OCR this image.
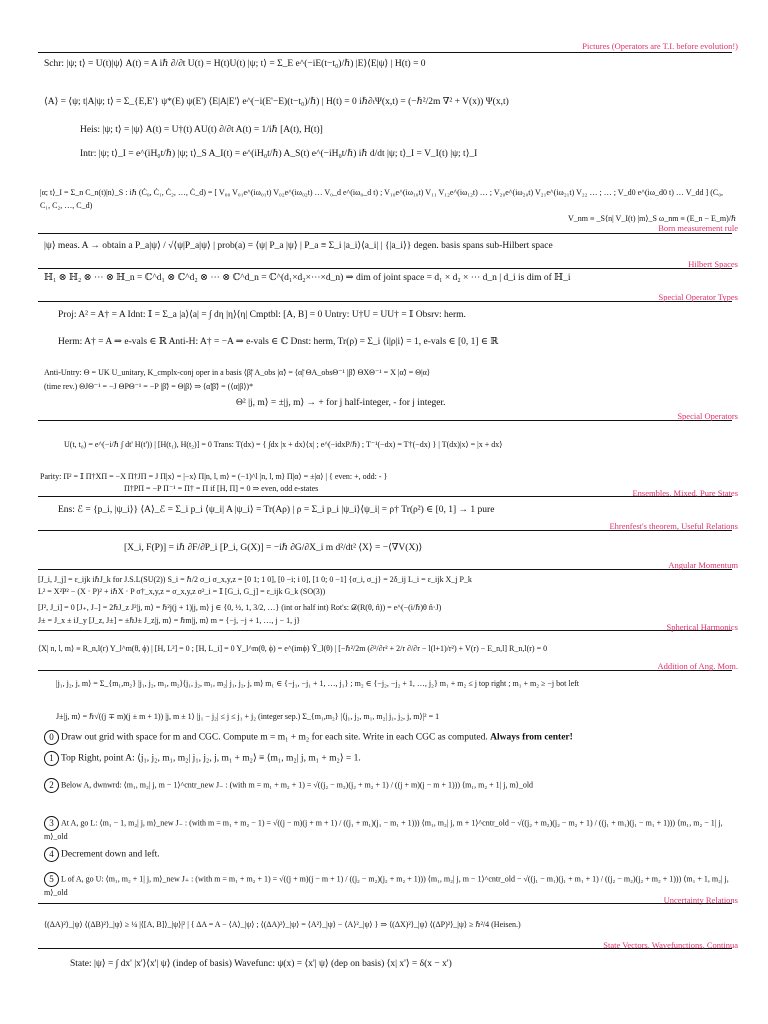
Pictures (Operators are T.I. before evolution!)
Schr: |ψ; t⟩ = U(t)|ψ⟩ A(t) = A iℏ ∂/∂t U(t) = H(t)U(t) |ψ; t⟩ = Σ_E e^(−iE(t−t₀)/ℏ) |E⟩⟨E|ψ⟩ | H(t) = 0
⟨A⟩ = ⟨ψ; t|A|ψ; t⟩ = Σ_{E,E'} ψ*(E) ψ(E') ⟨E|A|E'⟩ e^(−i(E'−E)(t−t₀)/ℏ) | H(t) = 0 iℏ∂ₜΨ(x,t) = (−ℏ²/2m ∇² + V(x)) Ψ(x,t)
Heis: |ψ; t⟩ = |ψ⟩ A(t) = U†(t) AU(t) ∂/∂t A(t) = 1/iℏ [A(t), H(t)]
Intr: |ψ; t⟩_I = e^(iH₀t/ℏ) |ψ; t⟩_S A_I(t) = e^(iH₀t/ℏ) A_S(t) e^(−iH₀t/ℏ) iℏ d/dt |ψ; t⟩_I = V_I(t) |ψ; t⟩_I
|α; t⟩_I = Σ_n C_n(t)|n⟩_S : iℏ (Ċ₀, Ċ₁, Ċ₂, …, Ċ_d) = [ V₀₀ V₀₁e^(iω₀₁t) V₀₂e^(iω₀₂t) … V₀_d e^(iω₀_d t) ; V₁₀e^(iω₁₀t) V₁₁ V₁₂e^(iω₁₂t) … ; V₂₀e^(iω₂₀t) V₂₁e^(iω₂₁t) V₂₂ … ; … ; V_d0 e^(iω_d0 t) … V_dd ] (C₀, C₁, C₂, …, C_d)
V_nm ≡ _S⟨n| V_I(t) |m⟩_S ω_nm ≡ (E_n − E_m)/ℏ
Born measurement rule
|ψ⟩ meas. A → obtain a P_a|ψ⟩ / √⟨ψ|P_a|ψ⟩ | prob(a) = ⟨ψ| P_a |ψ⟩ | P_a ≡ Σ_i |a_i⟩⟨a_i| | {|a_i⟩} degen. basis spans sub-Hilbert space
Hilbert Spaces
ℍ₁ ⊗ ℍ₂ ⊗ ⋯ ⊗ ℍ_n = ℂ^d₁ ⊗ ℂ^d₂ ⊗ ⋯ ⊗ ℂ^d_n = ℂ^(d₁×d₂×⋯×d_n) ⇒ dim of joint space = d₁ × d₂ × ⋯ d_n | d_i is dim of ℍ_i
Special Operator Types
Proj: A² = A† = A Idnt: 𝕀 = Σ_a |a⟩⟨a| = ∫ dη |η⟩⟨η| Cmptbl: [A, B] = 0 Untry: U†U = UU† = 𝕀 Obsrv: herm.
Herm: A† = A ⇒ e-vals ∈ ℝ Anti-H: A† = −A ⇒ e-vals ∈ ℂ Dnst: herm, Tr(ρ) = Σ_i ⟨i|ρ|i⟩ = 1, e-vals ∈ [0, 1] ∈ ℝ
Anti-Untry: Θ = UK U_unitary, K_cmplx-conj oper in a basis ⟨β̃| A_obs |α̃⟩ = ⟨α̃| ΘA_obsΘ⁻¹ |β̃⟩ ΘXΘ⁻¹ = X |α̃⟩ = Θ|α⟩
(time rev.) ΘJΘ⁻¹ = −J ΘPΘ⁻¹ = −P |β̃⟩ = Θ|β⟩ ⇒ ⟨α̃|β̃⟩ = (⟨α|β⟩)*
Θ² |j, m⟩ = ±|j, m⟩ → + for j half-integer, - for j integer.
Special Operators
U(t, t₀) = e^(−i/ℏ ∫ dt' H(t')) | [H(t₁), H(t₂)] = 0 Trans: T(dx) = { ∫dx |x + dx⟩⟨x| ; e^(−idxP/ℏ) ; T⁻¹(−dx) = T†(−dx) } | T(dx)|x⟩ = |x + dx⟩
Parity: Π² = 𝕀 Π†XΠ = −X Π†JΠ = J Π|x⟩ = |−x⟩ Π|n, l, m⟩ = (−1)^l |n, l, m⟩ Π|α⟩ = ±|α⟩ | { even: +, odd: - }
Π†PΠ = −P Π⁻¹ = Π† = Π if [H, Π] = 0 ⇒ even, odd e-states	Ensembles, Mixed, Pure States
Ens: ℰ = {p_i, |ψ_i⟩} ⟨A⟩_ℰ = Σ_i p_i ⟨ψ_i| A |ψ_i⟩ = Tr(Aρ) | ρ = Σ_i p_i |ψ_i⟩⟨ψ_i| = ρ† Tr(ρ²) ∈ [0, 1] → 1 pure
Ehrenfest's theorem, Useful Relations
[X_i, F(P)] = iℏ ∂F/∂P_i [P_i, G(X)] = −iℏ ∂G/∂X_i m d²/dt² ⟨X⟩ = −⟨∇V(X)⟩
Angular Momentum
[J_i, J_j] = ε_ijk iℏJ_k for J.S.L(SU(2)) S_i = ℏ/2 σ_i σ_x,y,z = [0 1; 1 0], [0 −i; i 0], [1 0; 0 −1] {σ_i, σ_j} = 2δ_ij L_i = ε_ijk X_j P_k
L² = X²P² − (X · P)² + iℏX · P σ†_x,y,z = σ_x,y,z σ²_i = 𝕀 [G_i, G_j] = ε_ijk G_k (SO(3))
[J², J_i] = 0 [J₊, J₋] = 2ℏJ_z J²|j, m⟩ = ℏ²j(j + 1)|j, m⟩ j ∈ {0, ½, 1, 3/2, …} (int or half int) Rot's: 𝒟(R(θ, n̂)) = e^(−(i/ℏ)θ n̂·J)
J± = J_x ± iJ_y [J_z, J±] = ±ℏJ± J_z|j, m⟩ = ℏm|j, m⟩ m = {−j, −j + 1, …, j − 1, j}
Spherical Harmonics
⟨X| n, l, m⟩ ≡ R_n,l(r) Y_l^m(θ, ϕ) | [H, L²] = 0 ; [H, L_i] = 0 Y_l^m(θ, ϕ) = e^(imϕ) Ỹ_l(θ) | [−ℏ²/2m (∂²/∂r² + 2/r ∂/∂r − l(l+1)/r²) + V(r) − E_n,l] R_n,l(r) = 0
Addition of Ang. Mom.
|j₁, j₂, j, m⟩ = Σ_{m₁,m₂} |j₁, j₂, m₁, m₂⟩⟨j₁, j₂, m₁, m₂| j₁, j₂, j, m⟩ m₁ ∈ {−j₁, −j₁ + 1, …, j₁} ; m₂ ∈ {−j₂, −j₂ + 1, …, j₂} m₁ + m₂ ≤ j top right ; m₁ + m₂ ≥ −j bot left
J±|j, m⟩ = ℏ√((j ∓ m)(j ± m + 1)) |j, m ± 1⟩ |j₁ − j₂| ≤ j ≤ j₁ + j₂ (integer sep.) Σ_{m₁,m₂} |⟨j₁, j₂, m₁, m₂| j₁, j₂, j, m⟩|² = 1
0 Draw out grid with space for m and CGC. Compute m = m₁ + m₂ for each site. Write in each CGC as computed. Always from center!
1 Top Right, point A: ⟨j₁, j₂, m₁, m₂| j₁, j₂, j, m₁ + m₂⟩ ≡ ⟨m₁, m₂| j, m₁ + m₂⟩ = 1.
2 Below A, dwnwrd: ⟨m₁, m₂| j, m − 1⟩^cntr_new J₋ : (with m = m₁ + m₂ + 1) = √((j₂ − m₂)(j₂ + m₂ + 1) / ((j + m)(j − m + 1))) ⟨m₁, m₂ + 1| j, m⟩_old
3 At A, go L: ⟨m₁ − 1, m₂| j, m⟩_new J₋ : (with m = m₁ + m₂ − 1) = √((j − m)(j + m + 1) / ((j₁ + m₁)(j₁ − m₁ + 1))) ⟨m₁, m₂| j, m + 1⟩^cntr_old − √((j₂ + m₂)(j₂ − m₂ + 1) / ((j₁ + m₁)(j₁ − m₁ + 1))) ⟨m₁, m₂ − 1| j, m⟩_old
4 Decrement down and left.
5 L of A, go U: ⟨m₁, m₂ + 1| j, m⟩_new J₊ : (with m = m₁ + m₂ + 1) = √((j + m)(j − m + 1) / ((j₂ − m₂)(j₂ + m₂ + 1))) ⟨m₁, m₂| j, m − 1⟩^cntr_old − √((j₁ − m₁)(j₁ + m₁ + 1) / ((j₂ − m₂)(j₂ + m₂ + 1))) ⟨m₁ + 1, m₂| j, m⟩_old
Uncertainty Relations
⟨(ΔA)²⟩_|ψ⟩ ⟨(ΔB)²⟩_|ψ⟩ ≥ ¼ |⟨[A, B]⟩_|ψ⟩|² | { ΔA = A − ⟨A⟩_|ψ⟩ ; ⟨(ΔA)²⟩_|ψ⟩ = ⟨A²⟩_|ψ⟩ − ⟨A⟩²_|ψ⟩ } ⇒ ⟨(ΔX)²⟩_|ψ⟩ ⟨(ΔP)²⟩_|ψ⟩ ≥ ℏ²/4 (Heisen.)
State Vectors, Wavefunctions, Continua
State: |ψ⟩ = ∫ dx' |x'⟩⟨x'| ψ⟩ (indep of basis) Wavefunc: ψ(x) = ⟨x'| ψ⟩ (dep on basis) ⟨x| x'⟩ = δ(x − x')
